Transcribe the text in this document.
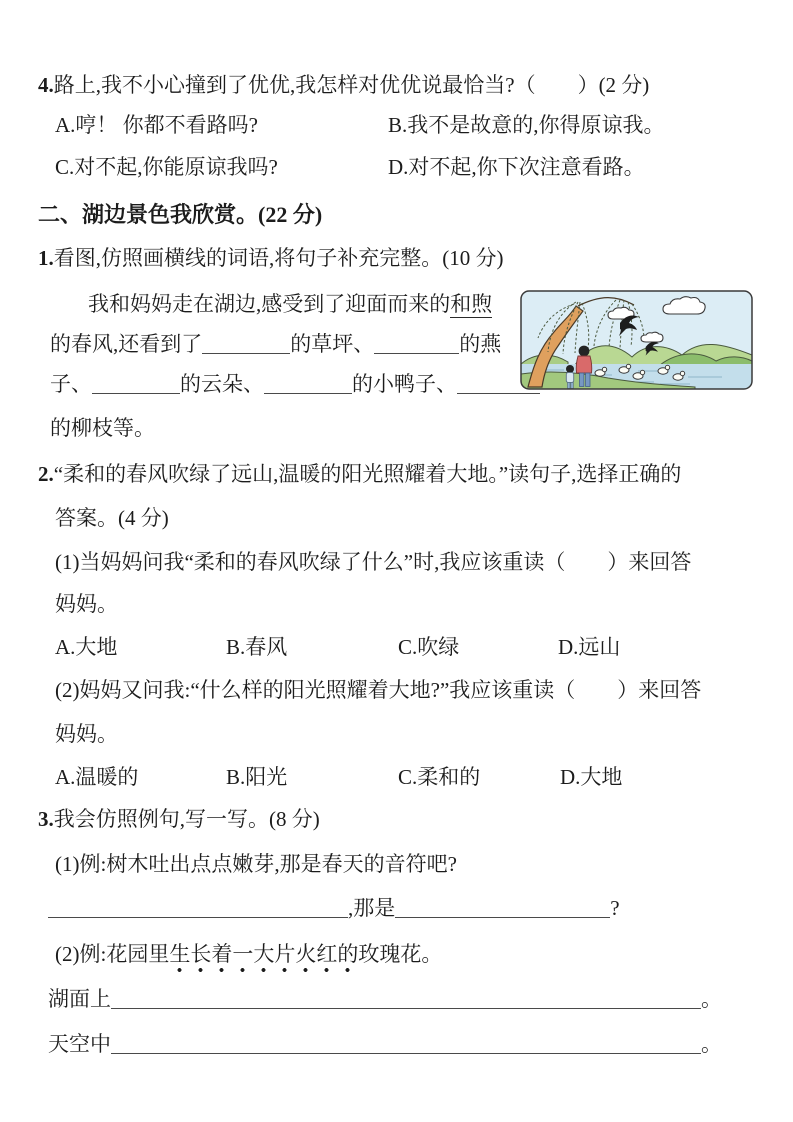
4.路上,我不小心撞到了优优,我怎样对优优说最恰当?（　　）(2 分)
A.哼！ 你都不看路吗?	B.我不是故意的,你得原谅我。
C.对不起,你能原谅我吗?	D.对不起,你下次注意看路。
二、湖边景色我欣赏。(22 分)
1.看图,仿照画横线的词语,将句子补充完整。(10 分)
我和妈妈走在湖边,感受到了迎面而来的和煦
的春风,还看到了	的草坪、	的燕
子、	的云朵、	的小鸭子、
的柳枝等。
2.“柔和的春风吹绿了远山,温暖的阳光照耀着大地。”读句子,选择正确的
答案。(4 分)
(1)当妈妈问我“柔和的春风吹绿了什么”时,我应该重读（　　）来回答
妈妈。
A.大地	B.春风	C.吹绿	D.远山
(2)妈妈又问我:“什么样的阳光照耀着大地?”我应该重读（　　）来回答
妈妈。
A.温暖的	B.阳光	C.柔和的	D.大地
3.我会仿照例句,写一写。(8 分)
(1)例:树木吐出点点嫩芽,那是春天的音符吧?
,那是	?
(2)例:花园里生长着一大片火红的玫瑰花。
湖面上	。
天空中	。
